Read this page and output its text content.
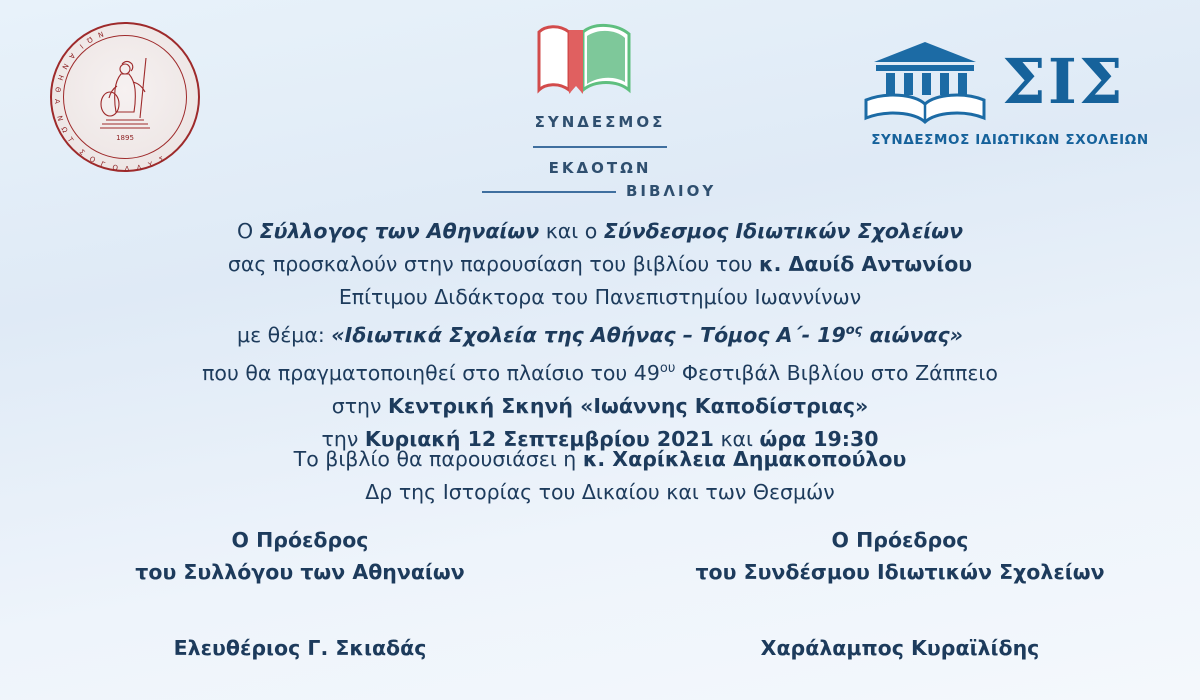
Σ
Υ
Λ
Λ
Ο
Γ
Ο
Σ
Τ
Ω
Ν
Α
Θ
Η
Ν
Α
Ι
Ω
Ν
1895
ΣΥΝΔΕΣΜΟΣ  ΕΚΔΟΤΩΝ  ΒΙΒΛΙΟΥ
ΣΙΣ
ΣΥΝΔΕΣΜΟΣ ΙΔΙΩΤΙΚΩΝ ΣΧΟΛΕΙΩΝ
Ο Σύλλογος των Αθηναίων και ο Σύνδεσμος Ιδιωτικών Σχολείων
σας προσκαλούν στην παρουσίαση του βιβλίου του κ. Δαυίδ Αντωνίου
Επίτιμου Διδάκτορα του Πανεπιστημίου Ιωαννίνων
με θέμα: «Ιδιωτικά Σχολεία της Αθήνας – Τόμος Α΄- $19^{o\varsigma}$ αιώνας»
που θα πραγματοποιηθεί στο πλαίσιο του $49^{o\upsilon}$ Φεστιβάλ Βιβλίου στο Ζάππειο
στην Κεντρική Σκηνή «Ιωάννης Καποδίστριας»
την Κυριακή 12 Σεπτεμβρίου 2021 και ώρα 19:30
Το βιβλίο θα παρουσιάσει η κ. Χαρίκλεια Δημακοπούλου
Δρ της Ιστορίας του Δικαίου και των Θεσμών
Ο Πρόεδρος
του Συλλόγου των Αθηναίων
Ελευθέριος Γ. Σκιαδάς
Ο Πρόεδρος
του Συνδέσμου Ιδιωτικών Σχολείων
Χαράλαμπος Κυραϊλίδης
